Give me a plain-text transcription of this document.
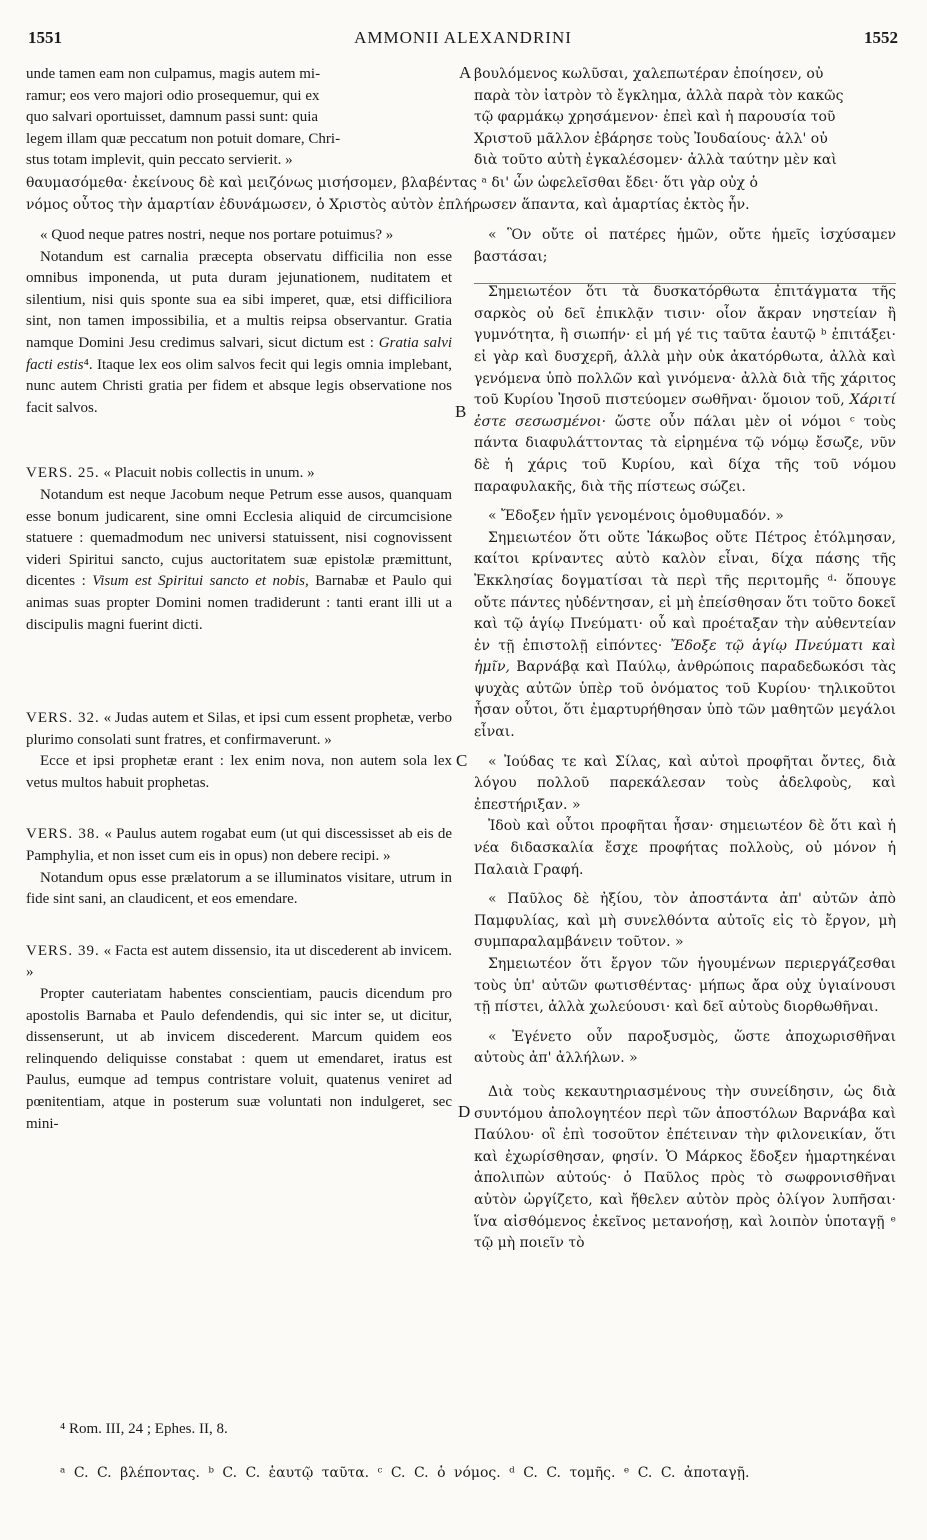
1551	AMMONII ALEXANDRINI	1552

unde tamen eam non culpamus, magis autem mi-

ramur; eos vero majori odio prosequemur, qui ex

quo salvari oportuisset, damnum passi sunt: quia

legem illam quæ peccatum non potuit domare, Chri-

stus totam implevit, quin peccato servierit. »

βουλόμενος κωλῦσαι, χαλεπωτέραν ἐποίησεν, οὐ

παρὰ τὸν ἰατρὸν τὸ ἔγκλημα, ἀλλὰ παρὰ τὸν κακῶς

τῷ φαρμάκῳ χρησάμενον· ἐπεὶ καὶ ἡ παρουσία τοῦ

Χριστοῦ μᾶλλον ἐβάρησε τοὺς Ἰουδαίους· ἀλλ' οὐ

διὰ τοῦτο αὐτὴ ἐγκαλέσομεν· ἀλλὰ ταύτην μὲν καὶ

θαυμασόμεθα· ἐκείνους δὲ καὶ μειζόνως μισήσομεν, βλαβέντας ᵃ δι' ὧν ὠφελεῖσθαι ἔδει· ὅτι γὰρ οὐχ ὁ
νόμος οὗτος τὴν ἁμαρτίαν ἐδυνάμωσεν, ὁ Χριστὸς αὐτὸν ἐπλήρωσεν ἅπαντα, καὶ ἁμαρτίας ἐκτὸς ἦν.
A
B
C
D

« Quod neque patres nostri, neque nos portare potuimus? »

Notandum est carnalia præcepta observatu difficilia non esse omnibus imponenda, ut puta duram jejunationem, nuditatem et silentium, nisi quis sponte sua ea sibi imperet, quæ, etsi difficiliora sint, non tamen impossibilia, et a multis reipsa observantur. Gratia namque Domini Jesu credimus salvari, sicut dictum est : Gratia salvi facti estis⁴. Itaque lex eos olim salvos fecit qui legis omnia implebant, nunc autem Christi gratia per fidem et absque legis observatione nos facit salvos.

VERS. 25. « Placuit nobis collectis in unum. »

Notandum est neque Jacobum neque Petrum esse ausos, quanquam esse bonum judicarent, sine omni Ecclesia aliquid de circumcisione statuere : quemadmodum nec universi statuissent, nisi cognovissent videri Spiritui sancto, cujus auctoritatem suæ epistolæ præmittunt, dicentes : Visum est Spiritui sancto et nobis, Barnabæ et Paulo qui animas suas propter Domini nomen tradiderunt : tanti erant illi ut a discipulis magni fuerint dicti.

VERS. 32. « Judas autem et Silas, et ipsi cum essent prophetæ, verbo plurimo consolati sunt fratres, et confirmaverunt. »

Ecce et ipsi prophetæ erant : lex enim nova, non autem sola lex vetus multos habuit prophetas.

VERS. 38. « Paulus autem rogabat eum (ut qui discessisset ab eis de Pamphylia, et non isset cum eis in opus) non debere recipi. »

Notandum opus esse prælatorum a se illuminatos visitare, utrum in fide sint sani, an claudicent, et eos emendare.

VERS. 39. « Facta est autem dissensio, ita ut discederent ab invicem. »

Propter cauteriatam habentes conscientiam, paucis dicendum pro apostolis Barnaba et Paulo defendendis, qui sic inter se, ut dicitur, dissenserunt, ut ab invicem discederent. Marcum quidem eos relinquendo deliquisse constabat : quem ut emendaret, iratus est Paulus, eumque ad tempus contristare voluit, quatenus veniret ad pœnitentiam, atque in posterum suæ voluntati non indulgeret, sec mini-

« Ὃν οὔτε οἱ πατέρες ἡμῶν, οὔτε ἡμεῖς ἰσχύσαμεν βαστάσαι;

Σημειωτέον ὅτι τὰ δυσκατόρθωτα ἐπιτάγματα τῆς σαρκὸς οὐ δεῖ ἐπικλᾷν τισιν· οἷον ἄκραν νηστείαν ἢ γυμνότητα, ἢ σιωπήν· εἰ μή γέ τις ταῦτα ἑαυτῷ ᵇ ἐπιτάξει· εἰ γὰρ καὶ δυσχερῆ, ἀλλὰ μὴν οὐκ ἀκατόρθωτα, ἀλλὰ καὶ γενόμενα ὑπὸ πολλῶν καὶ γινόμενα· ἀλλὰ διὰ τῆς χάριτος τοῦ Κυρίου Ἰησοῦ πιστεύομεν σωθῆναι· ὅμοιον τοῦ, Χάριτί ἐστε σεσωσμένοι· ὥστε οὖν πάλαι μὲν οἱ νόμοι ᶜ τοὺς πάντα διαφυλάττοντας τὰ εἰρημένα τῷ νόμῳ ἔσωζε, νῦν δὲ ἡ χάρις τοῦ Κυρίου, καὶ δίχα τῆς τοῦ νόμου παραφυλακῆς, διὰ τῆς πίστεως σώζει.

« Ἔδοξεν ἡμῖν γενομένοις ὁμοθυμαδόν. »

Σημειωτέον ὅτι οὔτε Ἰάκωβος οὔτε Πέτρος ἐτόλμησαν, καίτοι κρίναντες αὐτὸ καλὸν εἶναι, δίχα πάσης τῆς Ἐκκλησίας δογματίσαι τὰ περὶ τῆς περιτομῆς ᵈ· ὅπουγε οὔτε πάντες ηὐδέντησαν, εἰ μὴ ἐπείσθησαν ὅτι τοῦτο δοκεῖ καὶ τῷ ἁγίῳ Πνεύματι· οὗ καὶ προέταξαν τὴν αὐθεντείαν ἐν τῇ ἐπιστολῇ εἰπόντες· Ἔδοξε τῷ ἁγίῳ Πνεύματι καὶ ἡμῖν, Βαρνάβᾳ καὶ Παύλῳ, ἀνθρώποις παραδεδωκόσι τὰς ψυχὰς αὐτῶν ὑπὲρ τοῦ ὀνόματος τοῦ Κυρίου· τηλικοῦτοι ἦσαν οὗτοι, ὅτι ἐμαρτυρήθησαν ὑπὸ τῶν μαθητῶν μεγάλοι εἶναι.

« Ἰούδας τε καὶ Σίλας, καὶ αὐτοὶ προφῆται ὄντες, διὰ λόγου πολλοῦ παρεκάλεσαν τοὺς ἀδελφοὺς, καὶ ἐπεστήριξαν. »

Ἰδοὺ καὶ οὗτοι προφῆται ἦσαν· σημειωτέον δὲ ὅτι καὶ ἡ νέα διδασκαλία ἔσχε προφήτας πολλοὺς, οὐ μόνον ἡ Παλαιὰ Γραφή.

« Παῦλος δὲ ἠξίου, τὸν ἀποστάντα ἀπ' αὐτῶν ἀπὸ Παμφυλίας, καὶ μὴ συνελθόντα αὐτοῖς εἰς τὸ ἔργον, μὴ συμπαραλαμβάνειν τοῦτον. »

Σημειωτέον ὅτι ἔργον τῶν ἡγουμένων περιεργάζεσθαι τοὺς ὑπ' αὐτῶν φωτισθέντας· μήπως ἄρα οὐχ ὑγιαίνουσι τῇ πίστει, ἀλλὰ χωλεύουσι· καὶ δεῖ αὐτοὺς διορθωθῆναι.

« Ἐγένετο οὖν παροξυσμὸς, ὥστε ἀποχωρισθῆναι αὐτοὺς ἀπ' ἀλλήλων. »

Διὰ τοὺς κεκαυτηριασμένους τὴν συνείδησιν, ὡς διὰ συντόμου ἀπολογητέον περὶ τῶν ἀποστόλων Βαρνάβα καὶ Παύλου· οἳ ἐπὶ τοσοῦτον ἐπέτειναν τὴν φιλονεικίαν, ὅτι καὶ ἐχωρίσθησαν, φησίν. Ὁ Μάρκος ἔδοξεν ἡμαρτηκέναι ἀπολιπὼν αὐτούς· ὁ Παῦλος πρὸς τὸ σωφρονισθῆναι αὐτὸν ὠργίζετο, καὶ ἤθελεν αὐτὸν πρὸς ὀλίγον λυπῆσαι· ἵνα αἰσθόμενος ἐκεῖνος μετανοήσῃ, καὶ λοιπὸν ὑποταγῇ ᵉ τῷ μὴ ποιεῖν τὸ

⁴ Rom. III, 24 ; Ephes. II, 8.
ᵃ C. C. βλέποντας. ᵇ C. C. ἑαυτῷ ταῦτα. ᶜ C. C. ὁ νόμος. ᵈ C. C. τομῆς. ᵉ C. C. ἀποταγῇ.
